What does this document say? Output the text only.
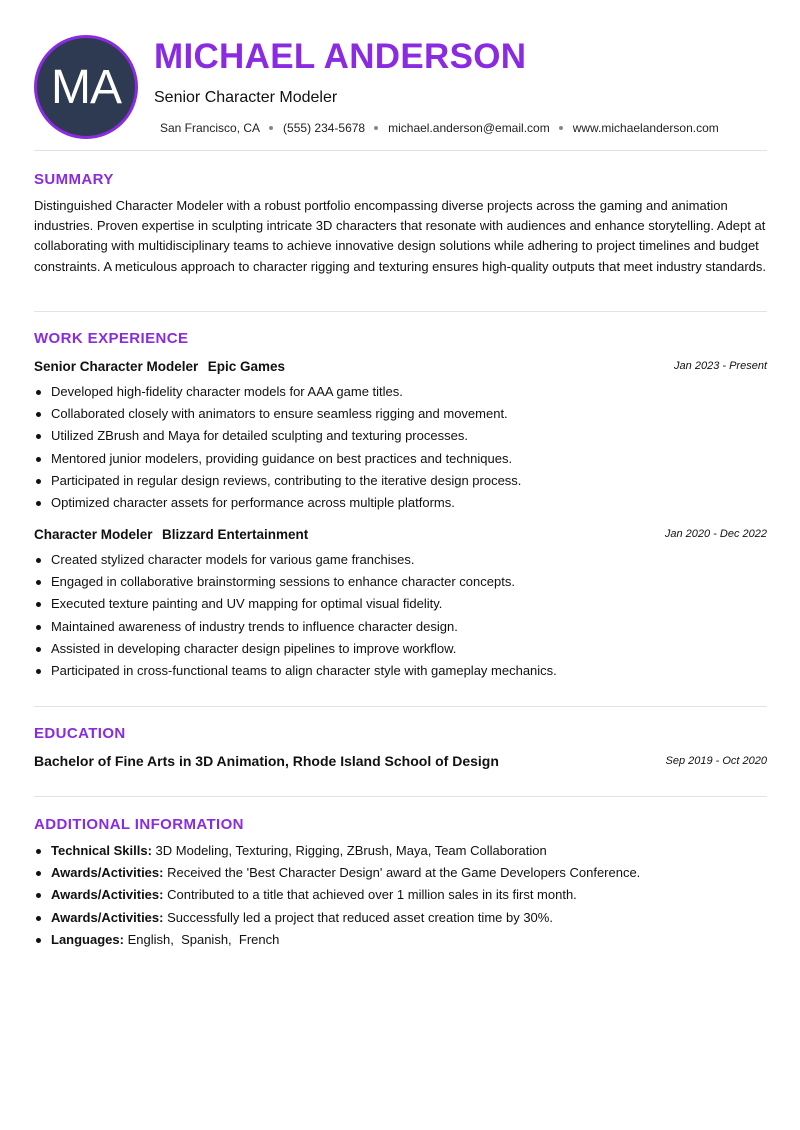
MA
MICHAEL ANDERSON
Senior Character Modeler
San Francisco, CA (555) 234-5678 michael.anderson@email.com www.michaelanderson.com
SUMMARY
Distinguished Character Modeler with a robust portfolio encompassing diverse projects across the gaming and animation industries. Proven expertise in sculpting intricate 3D characters that resonate with audiences and enhance storytelling. Adept at collaborating with multidisciplinary teams to achieve innovative design solutions while adhering to project timelines and budget constraints. A meticulous approach to character rigging and texturing ensures high-quality outputs that meet industry standards.
WORK EXPERIENCE
Senior Character Modeler Epic Games	Jan 2023 - Present
Developed high-fidelity character models for AAA game titles.
Collaborated closely with animators to ensure seamless rigging and movement.
Utilized ZBrush and Maya for detailed sculpting and texturing processes.
Mentored junior modelers, providing guidance on best practices and techniques.
Participated in regular design reviews, contributing to the iterative design process.
Optimized character assets for performance across multiple platforms.
Character Modeler Blizzard Entertainment	Jan 2020 - Dec 2022
Created stylized character models for various game franchises.
Engaged in collaborative brainstorming sessions to enhance character concepts.
Executed texture painting and UV mapping for optimal visual fidelity.
Maintained awareness of industry trends to influence character design.
Assisted in developing character design pipelines to improve workflow.
Participated in cross-functional teams to align character style with gameplay mechanics.
EDUCATION
Bachelor of Fine Arts in 3D Animation, Rhode Island School of Design	Sep 2019 - Oct 2020
ADDITIONAL INFORMATION
Technical Skills: 3D Modeling, Texturing, Rigging, ZBrush, Maya, Team Collaboration
Awards/Activities: Received the 'Best Character Design' award at the Game Developers Conference.
Awards/Activities: Contributed to a title that achieved over 1 million sales in its first month.
Awards/Activities: Successfully led a project that reduced asset creation time by 30%.
Languages: English,  Spanish,  French
